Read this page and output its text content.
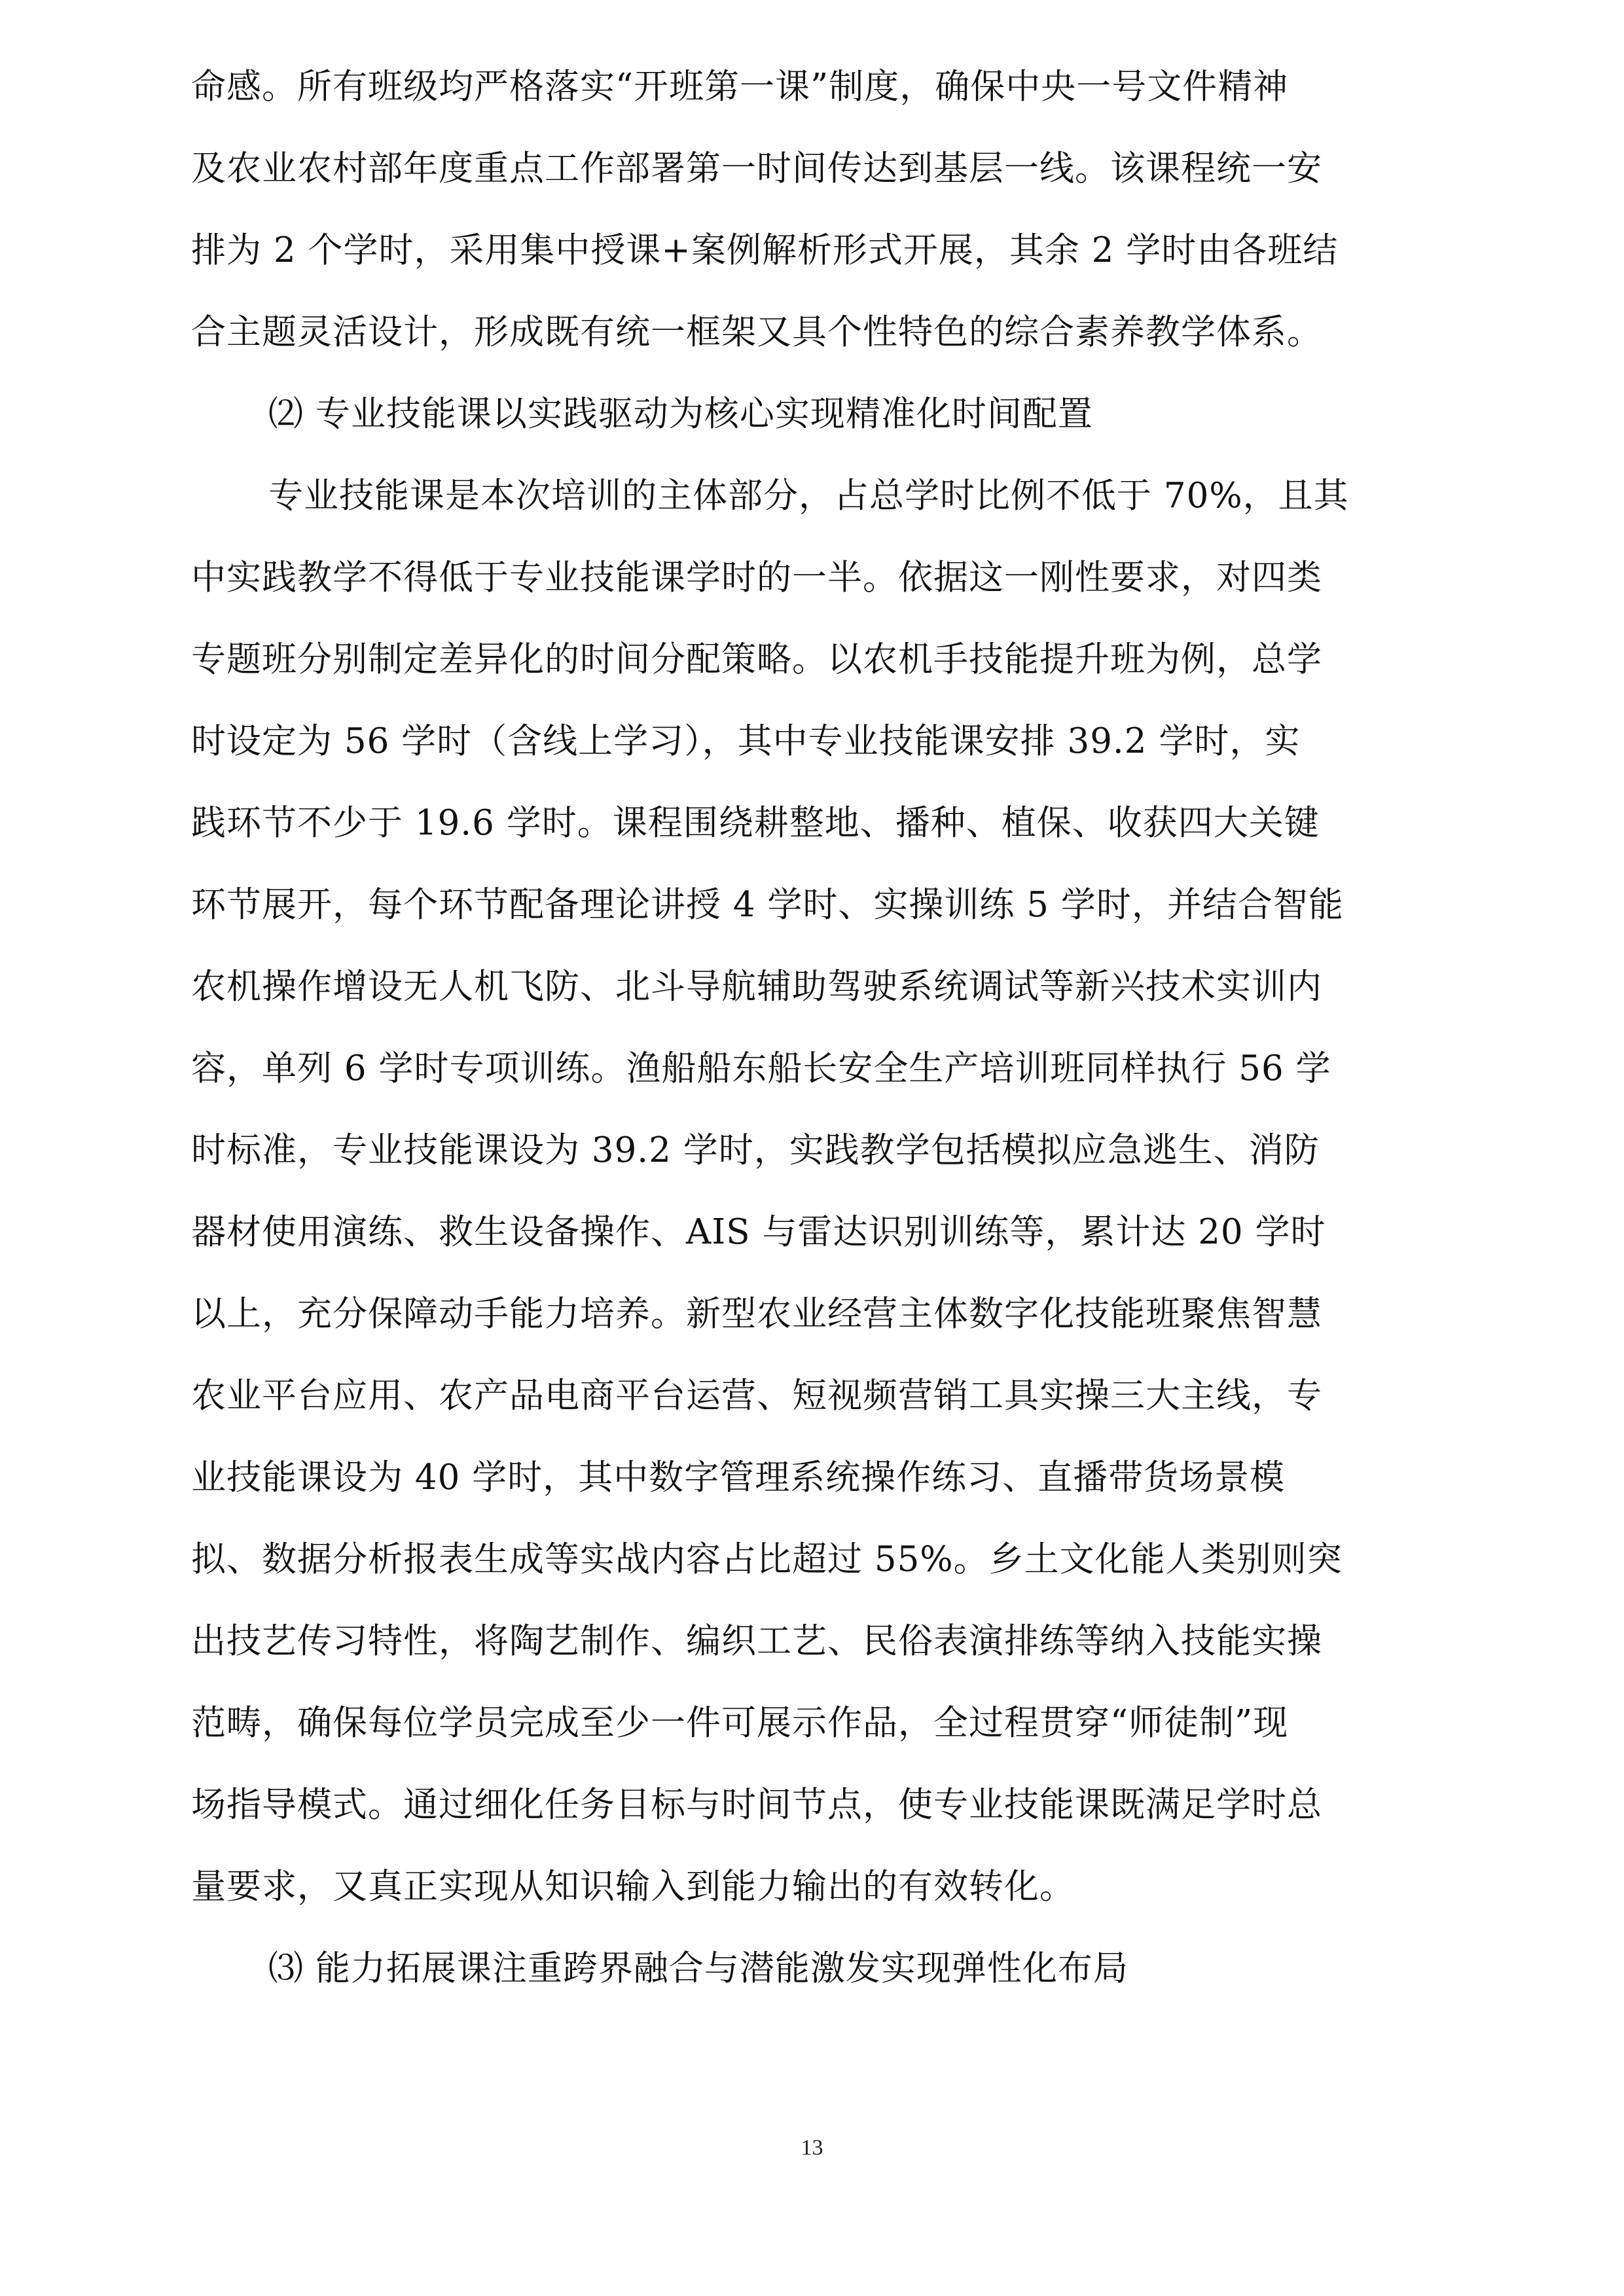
命感。所有班级均严格落实“开班第一课”制度，确保中央一号文件精神
及农业农村部年度重点工作部署第一时间传达到基层一线。该课程统一安
排为 2 个学时，采用集中授课+案例解析形式开展，其余 2 学时由各班结
合主题灵活设计，形成既有统一框架又具个性特色的综合素养教学体系。
⑵ 专业技能课以实践驱动为核心实现精准化时间配置
专业技能课是本次培训的主体部分，占总学时比例不低于 70%，且其
中实践教学不得低于专业技能课学时的一半。依据这一刚性要求，对四类
专题班分别制定差异化的时间分配策略。以农机手技能提升班为例，总学
时设定为 56 学时（含线上学习），其中专业技能课安排 39.2 学时，实
践环节不少于 19.6 学时。课程围绕耕整地、播种、植保、收获四大关键
环节展开，每个环节配备理论讲授 4 学时、实操训练 5 学时，并结合智能
农机操作增设无人机飞防、北斗导航辅助驾驶系统调试等新兴技术实训内
容，单列 6 学时专项训练。渔船船东船长安全生产培训班同样执行 56 学
时标准，专业技能课设为 39.2 学时，实践教学包括模拟应急逃生、消防
器材使用演练、救生设备操作、AIS 与雷达识别训练等，累计达 20 学时
以上，充分保障动手能力培养。新型农业经营主体数字化技能班聚焦智慧
农业平台应用、农产品电商平台运营、短视频营销工具实操三大主线，专
业技能课设为 40 学时，其中数字管理系统操作练习、直播带货场景模
拟、数据分析报表生成等实战内容占比超过 55%。乡土文化能人类别则突
出技艺传习特性，将陶艺制作、编织工艺、民俗表演排练等纳入技能实操
范畴，确保每位学员完成至少一件可展示作品，全过程贯穿“师徒制”现
场指导模式。通过细化任务目标与时间节点，使专业技能课既满足学时总
量要求，又真正实现从知识输入到能力输出的有效转化。
⑶ 能力拓展课注重跨界融合与潜能激发实现弹性化布局
13
